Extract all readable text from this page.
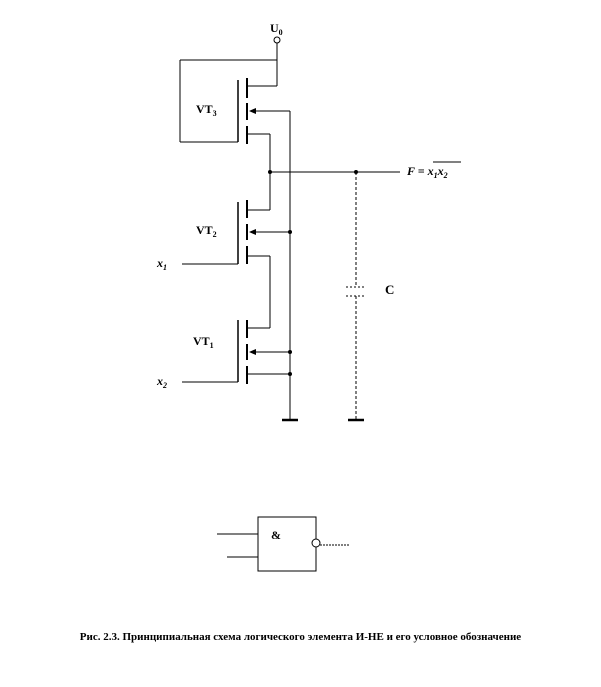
$U_0$
$VT_3$
$F = x_1x_2$
$VT_2$
$x_1$
$VT_1$
$x_2$
C
&
Рис. 2.3. Принципиальная схема логического элемента И-НЕ и его условное обозначение
